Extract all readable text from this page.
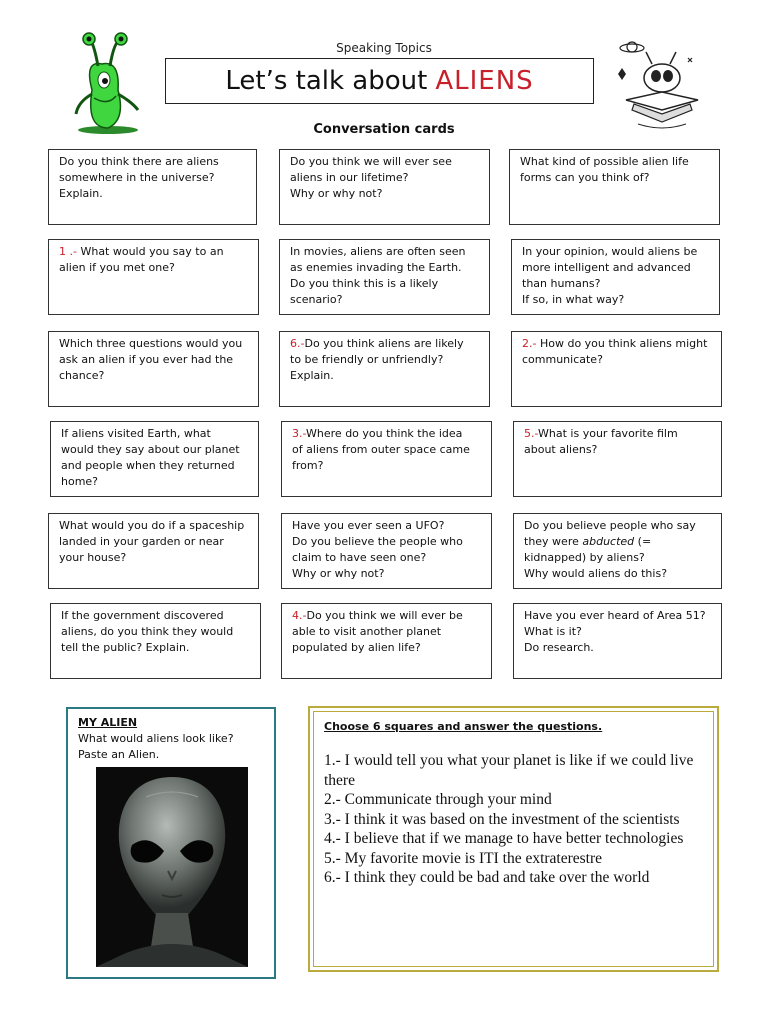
Speaking Topics
Let’s talk about ALIENS
Conversation cards
Do you think there are aliens
somewhere in the universe?
Explain.
Do you think we will ever see
aliens in our lifetime?
Why or why not?
What kind of possible alien life
forms can you think of?
1 .- What would you say to an
alien if you met one?
In movies, aliens are often seen
as enemies invading the Earth.
Do you think this is a likely
scenario?
In your opinion, would aliens be
more intelligent and advanced
than humans?
If so, in what way?
Which three questions would you
ask an alien if you ever had the
chance?
6.-Do you think aliens are likely
to be friendly or unfriendly?
Explain.
2.- How do you think aliens might
communicate?
If aliens visited Earth, what
would they say about our planet
and people when they returned
home?
3.-Where do you think the idea
of aliens from outer space came
from?
5.-What is your favorite film
about aliens?
What would you do if a spaceship
landed in your garden or near
your house?
Have you ever seen a UFO?
Do you believe the people who
claim to have seen one?
Why or why not?
Do you believe people who say
they were abducted (=
kidnapped) by aliens?
Why would aliens do this?
If the government discovered
aliens, do you think they would
tell the public? Explain.
4.-Do you think we will ever be
able to visit another planet
populated by alien life?
Have you ever heard of Area 51?
What is it?
Do research.
MY ALIEN
What would aliens look like?
Paste an Alien.
Choose 6 squares and answer the questions.
1.- I would tell you what your planet is like if we could live there
2.- Communicate through your mind
3.- I think it was based on the investment of the scientists
4.- I believe that if we manage to have better technologies
5.- My favorite movie is ITI the extraterestre
6.- I think they could be bad and take over the world
